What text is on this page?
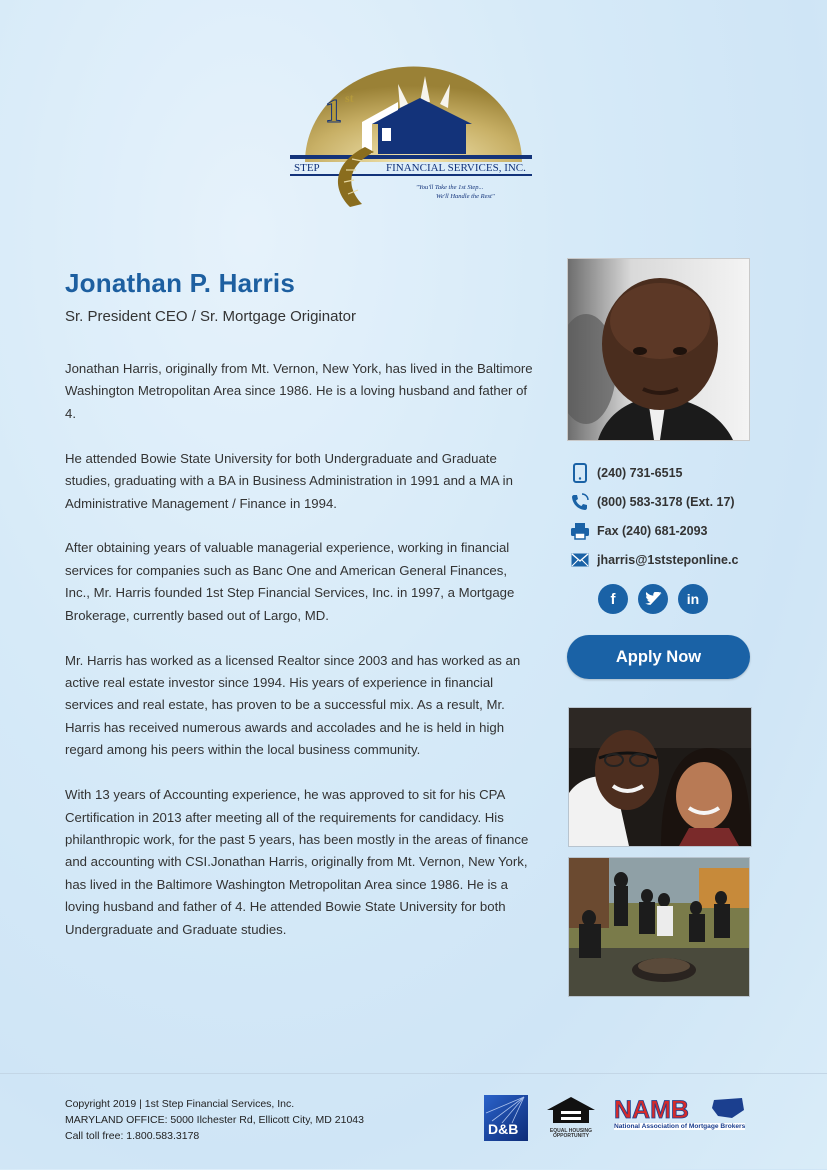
1 st
STEP	FINANCIAL SERVICES, INC.
"You'll Take the 1st Step...
We'll Handle the Rest"
Jonathan P. Harris
Sr. President CEO / Sr. Mortgage Originator

Jonathan Harris, originally from Mt. Vernon, New York, has lived in the Baltimore Washington Metropolitan Area since 1986. He is a loving husband and father of 4.

He attended Bowie State University for both Undergraduate and Graduate studies, graduating with a BA in Business Administration in 1991 and a MA in Administrative Management / Finance in 1994.

After obtaining years of valuable managerial experience, working in financial services for companies such as Banc One and American General Finances, Inc., Mr. Harris founded 1st Step Financial Services, Inc. in 1997, a Mortgage Brokerage, currently based out of Largo, MD.

Mr. Harris has worked as a licensed Realtor since 2003 and has worked as an active real estate investor since 1994. His years of experience in financial services and real estate, has proven to be a successful mix. As a result, Mr. Harris has received numerous awards and accolades and he is held in high regard among his peers within the local business community.

With 13 years of Accounting experience, he was approved to sit for his CPA Certification in 2013 after meeting all of the requirements for candidacy. His philanthropic work, for the past 5 years, has been mostly in the areas of finance and accounting with CSI.Jonathan Harris, originally from Mt. Vernon, New York, has lived in the Baltimore Washington Metropolitan Area since 1986. He is a loving husband and father of 4. He attended Bowie State University for both Undergraduate and Graduate studies.

(240) 731-6515
(800) 583-3178 (Ext. 17)
Fax (240) 681-2093
jharris@1ststeponline.c
f	in
Apply Now
Copyright 2019 | 1st Step Financial Services, Inc.
MARYLAND OFFICE: 5000 Ilchester Rd, Ellicott City, MD 21043
Call toll free: 1.800.583.3178	D&B	EQUAL HOUSING
OPPORTUNITY
NAMB
National Association of Mortgage Brokers
